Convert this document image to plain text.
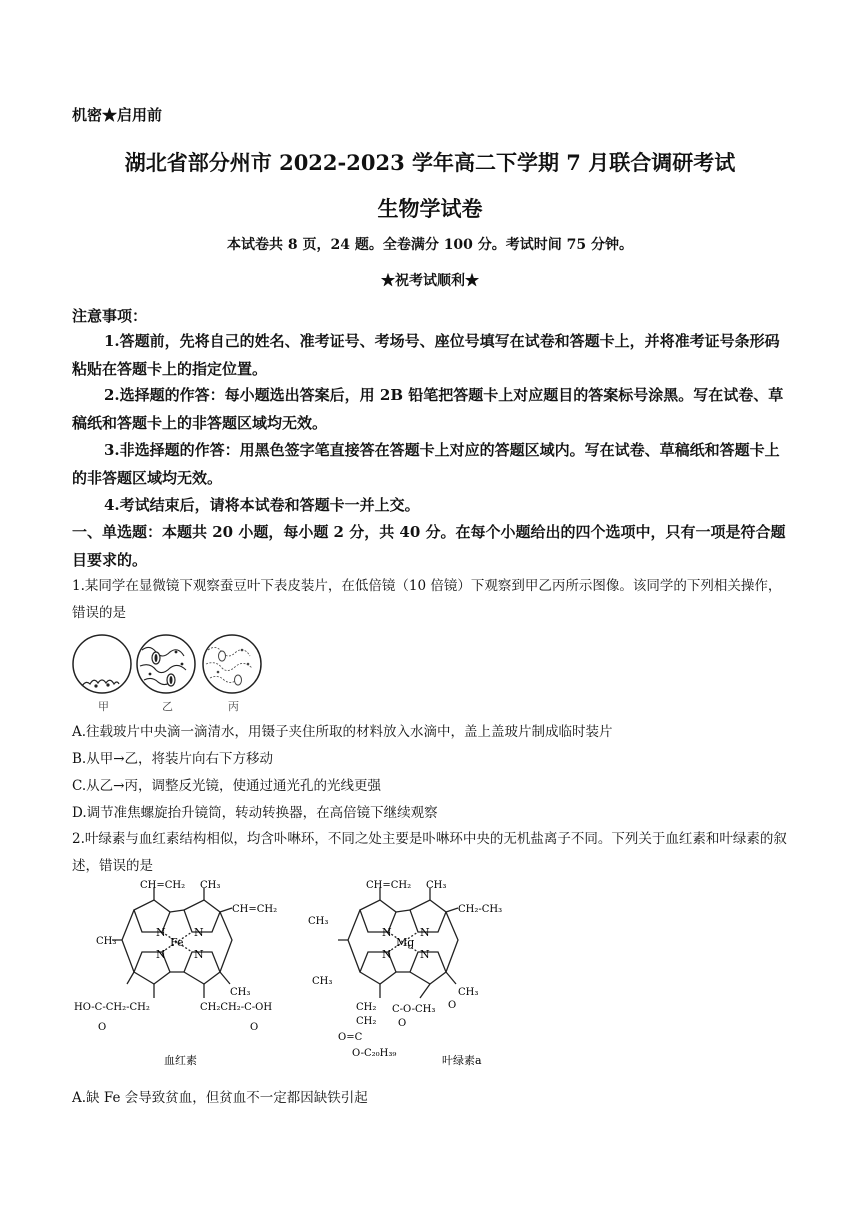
机密★启用前
湖北省部分州市 2022-2023 学年高二下学期 7 月联合调研考试
生物学试卷
本试卷共 8 页，24 题。全卷满分 100 分。考试时间 75 分钟。
★祝考试顺利★
注意事项：
1.答题前，先将自己的姓名、准考证号、考场号、座位号填写在试卷和答题卡上，并将准考证号条形码粘贴在答题卡上的指定位置。
2.选择题的作答：每小题选出答案后，用 2B 铅笔把答题卡上对应题目的答案标号涂黑。写在试卷、草稿纸和答题卡上的非答题区域均无效。
3.非选择题的作答：用黑色签字笔直接答在答题卡上对应的答题区域内。写在试卷、草稿纸和答题卡上的非答题区域均无效。
4.考试结束后，请将本试卷和答题卡一并上交。
一、单选题：本题共 20 小题，每小题 2 分，共 40 分。在每个小题给出的四个选项中，只有一项是符合题目要求的。
1.某同学在显微镜下观察蚕豆叶下表皮装片，在低倍镜（10 倍镜）下观察到甲乙丙所示图像。该同学的下列相关操作，错误的是
甲	乙	丙
A.往载玻片中央滴一滴清水，用镊子夹住所取的材料放入水滴中，盖上盖玻片制成临时装片
B.从甲→乙，将装片向右下方移动
C.从乙→丙，调整反光镜，使通过通光孔的光线更强
D.调节准焦螺旋抬升镜筒，转动转换器，在高倍镜下继续观察
2.叶绿素与血红素结构相似，均含卟啉环，不同之处主要是卟啉环中央的无机盐离子不同。下列关于血红素和叶绿素的叙述，错误的是
CH=CH₂ CH₃
CH=CH₂
CH₃
CH₃
N
Fe
N
N
N
HO-C-CH₂-CH₂	CH₂CH₂-C-OH
O	O
血红素
CH=CH₂ CH₃
CH₂-CH₃
CH₃
CH₃
CH₃
N
Mg
N
N
N
CH₂
CH₂
O=C
O-C₂₀H₃₉
C-O-CH₃
O
O
叶绿素a
A.缺 Fe 会导致贫血，但贫血不一定都因缺铁引起
